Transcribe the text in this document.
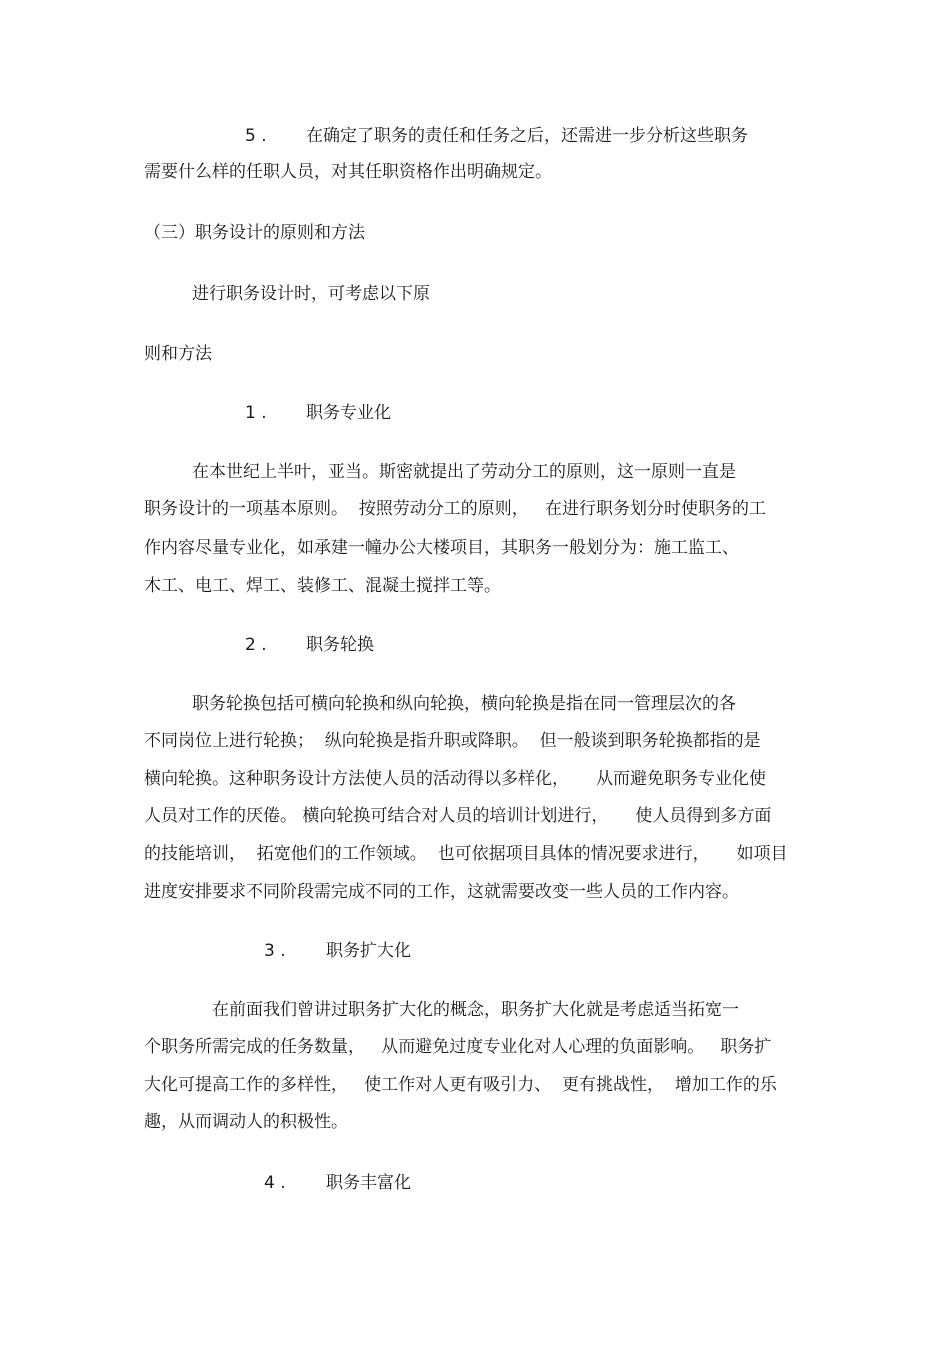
5 . 在确定了职务的责任和任务之后，还需进一步分析这些职务
需要什么样的任职人员，对其任职资格作出明确规定。
（三）职务设计的原则和方法
进行职务设计时，可考虑以下原
则和方法
1 . 职务专业化
在本世纪上半叶，亚当。斯密就提出了劳动分工的原则，这一原则一直是
职务设计的一项基本原则。  按照劳动分工的原则，   在进行职务划分时使职务的工
作内容尽量专业化，如承建一幢办公大楼项目，其职务一般划分为：施工监工、
木工、电工、焊工、装修工、混凝土搅拌工等。
2 . 职务轮换
职务轮换包括可横向轮换和纵向轮换，横向轮换是指在同一管理层次的各
不同岗位上进行轮换；  纵向轮换是指升职或降职。  但一般谈到职务轮换都指的是
横向轮换。这种职务设计方法使人员的活动得以多样化，     从而避免职务专业化使
人员对工作的厌倦。 横向轮换可结合对人员的培训计划进行，     使人员得到多方面
的技能培训，  拓宽他们的工作领域。  也可依据项目具体的情况要求进行，     如项目
进度安排要求不同阶段需完成不同的工作，这就需要改变一些人员的工作内容。
3 . 职务扩大化
在前面我们曾讲过职务扩大化的概念，职务扩大化就是考虑适当拓宽一
个职务所需完成的任务数量，   从而避免过度专业化对人心理的负面影响。   职务扩
大化可提高工作的多样性，   使工作对人更有吸引力、  更有挑战性，  增加工作的乐
趣，从而调动人的积极性。
4 . 职务丰富化
